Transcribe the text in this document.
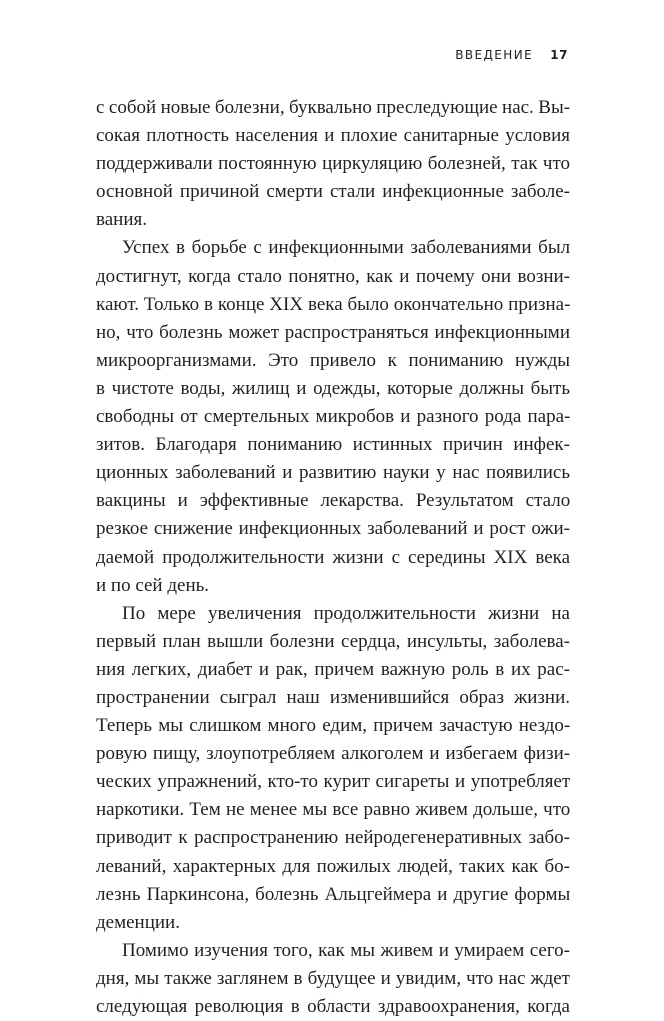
ВВЕДЕНИЕ 17
с собой новые болезни, буквально преследующие нас. Вы-
сокая плотность населения и плохие санитарные условия
поддерживали постоянную циркуляцию болезней, так что
основной причиной смерти стали инфекционные заболе-
вания.
Успех в борьбе с инфекционными заболеваниями был
достигнут, когда стало понятно, как и почему они возни-
кают. Только в конце XIX века было окончательно призна-
но, что болезнь может распространяться инфекционными
микроорганизмами. Это привело к пониманию нужды
в чистоте воды, жилищ и одежды, которые должны быть
свободны от смертельных микробов и разного рода пара-
зитов. Благодаря пониманию истинных причин инфек-
ционных заболеваний и развитию науки у нас появились
вакцины и эффективные лекарства. Результатом стало
резкое снижение инфекционных заболеваний и рост ожи-
даемой продолжительности жизни с середины XIX века
и по сей день.
По мере увеличения продолжительности жизни на
первый план вышли болезни сердца, инсульты, заболева-
ния легких, диабет и рак, причем важную роль в их рас-
пространении сыграл наш изменившийся образ жизни.
Теперь мы слишком много едим, причем зачастую нездо-
ровую пищу, злоупотребляем алкоголем и избегаем физи-
ческих упражнений, кто-то курит сигареты и употребляет
наркотики. Тем не менее мы все равно живем дольше, что
приводит к распространению нейродегенеративных забо-
леваний, характерных для пожилых людей, таких как бо-
лезнь Паркинсона, болезнь Альцгеймера и другие формы
деменции.
Помимо изучения того, как мы живем и умираем сего-
дня, мы также заглянем в будущее и увидим, что нас ждет
следующая революция в области здравоохранения, когда
